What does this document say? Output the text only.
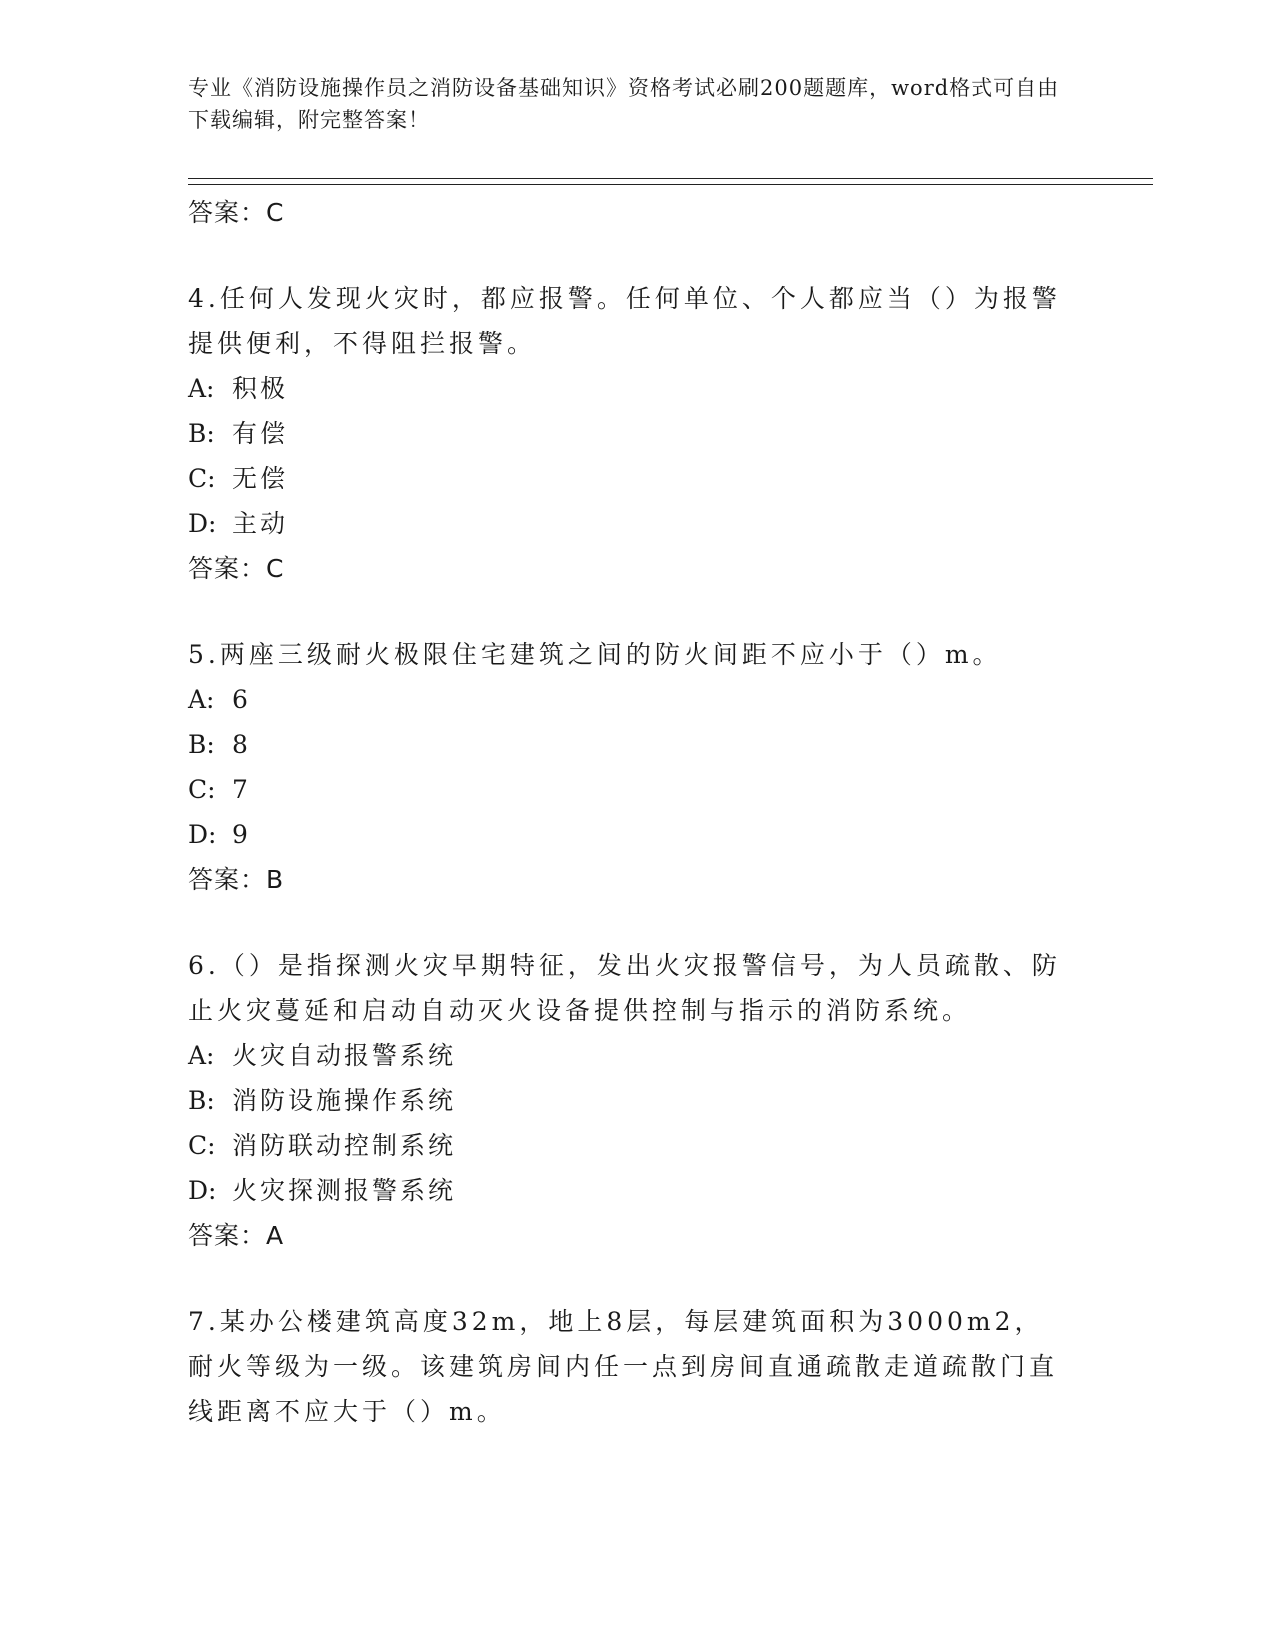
专业《消防设施操作员之消防设备基础知识》资格考试必刷200题题库，word格式可自由下载编辑，附完整答案！
答案：C

4.任何人发现火灾时，都应报警。任何单位、个人都应当（）为报警提供便利，不得阻拦报警。

A: 积极
B: 有偿
C: 无偿
D: 主动
答案：C

5.两座三级耐火极限住宅建筑之间的防火间距不应小于（）m。

A: 6
B: 8
C: 7
D: 9
答案：B

6.（）是指探测火灾早期特征，发出火灾报警信号，为人员疏散、防止火灾蔓延和启动自动灭火设备提供控制与指示的消防系统。

A: 火灾自动报警系统
B: 消防设施操作系统
C: 消防联动控制系统
D: 火灾探测报警系统
答案：A

7.某办公楼建筑高度32m，地上8层，每层建筑面积为3000m2，耐火等级为一级。该建筑房间内任一点到房间直通疏散走道疏散门直线距离不应大于（）m。
